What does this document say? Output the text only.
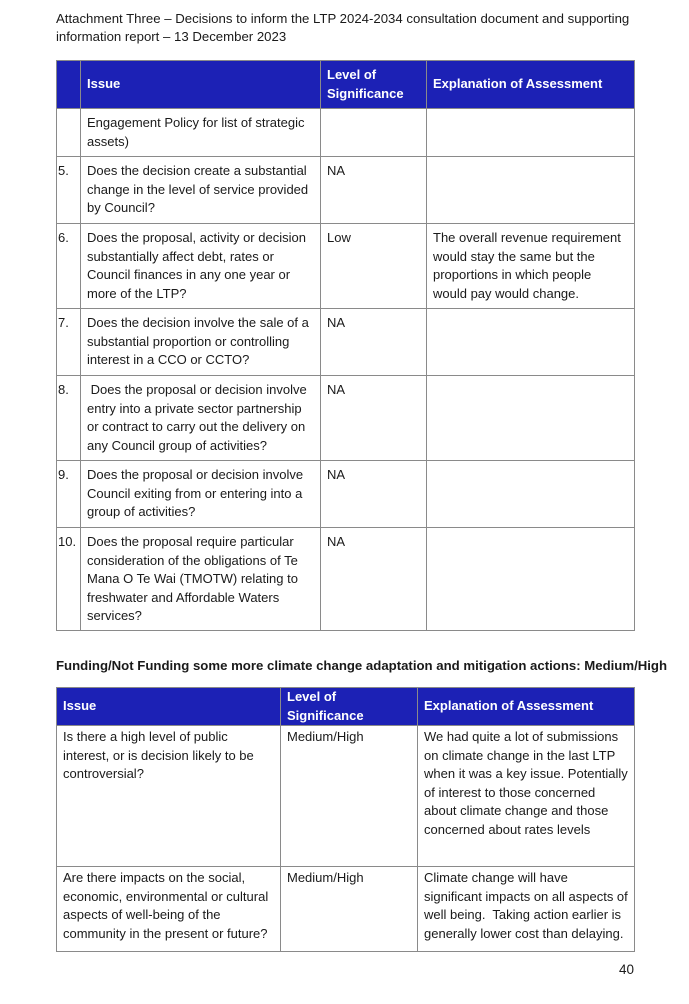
Attachment Three – Decisions to inform the LTP 2024-2034 consultation document and supporting information report – 13 December 2023
	Issue	Level of Significance	Explanation of Assessment
	Engagement Policy for list of strategic assets)		
5.	Does the decision create a substantial change in the level of service provided by Council?	NA	
6.	Does the proposal, activity or decision substantially affect debt, rates or Council finances in any one year or more of the LTP?	Low	The overall revenue requirement would stay the same but the proportions in which people would pay would change.
7.	Does the decision involve the sale of a substantial proportion or controlling interest in a CCO or CCTO?	NA	
8.	Does the proposal or decision involve entry into a private sector partnership or contract to carry out the delivery on any Council group of activities?	NA	
9.	Does the proposal or decision involve Council exiting from or entering into a group of activities?	NA	
10.	Does the proposal require particular consideration of the obligations of Te Mana O Te Wai (TMOTW) relating to freshwater and Affordable Waters services?	NA	
Funding/Not Funding some more climate change adaptation and mitigation actions: Medium/High
Issue	Level of Significance	Explanation of Assessment
Is there a high level of public interest, or is decision likely to be controversial?	Medium/High	We had quite a lot of submissions on climate change in the last LTP when it was a key issue. Potentially of interest to those concerned about climate change and those concerned about rates levels
Are there impacts on the social, economic, environmental or cultural aspects of well-being of the community in the present or future?	Medium/High	Climate change will have significant impacts on all aspects of well being.  Taking action earlier is generally lower cost than delaying.
40
